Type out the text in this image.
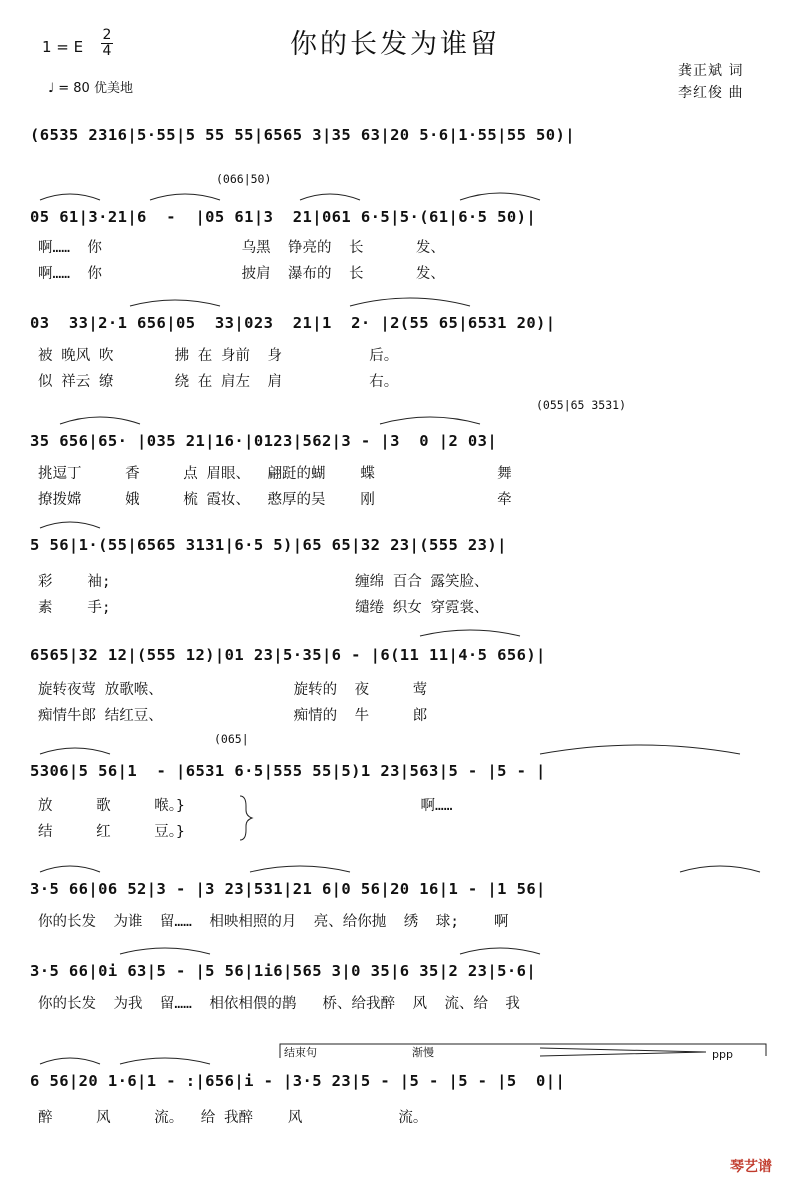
你的长发为谁留
1 = E
2
4
♩ = 80 优美地
龚正斌 词
李红俊 曲
(6535 2316|5·55|5 55 55|6565 3|35 63|20 5·6|1·55|55 50)|
(066|50)
05 61|3·21|6  -  |05 61|3  21|061 6·5|5·(61|6·5 50)|
啊……  你                乌黑  铮亮的  长      发、
啊……  你                披肩  瀑布的  长      发、
03  33|2·1 656|05  33|023  21|1  2· |2(55 65|6531 20)|
被 晚风 吹       拂 在 身前  身          后。
似 祥云 缭       绕 在 肩左  肩          右。
(055|65 3531)
35 656|65· |035 21|16·|0123|562|3 - |3  0 |2 03|
挑逗丁     香     点 眉眼、  翩跹的蝴    蝶              舞
撩拨嫦     娥     梳 霞妆、  憨厚的吴    刚              牵
5 56|1·(55|6565 3131|6·5 5)|65 65|32 23|(555 23)|
彩    袖;                            缠绵 百合 露笑脸、
素    手;                            缱绻 织女 穿霓裳、
6565|32 12|(555 12)|01 23|5·35|6 - |6(11 11|4·5 656)|
旋转夜莺 放歌喉、               旋转的  夜     莺
痴情牛郎 结红豆、               痴情的  牛     郎
(065|
5306|5 56|1  - |6531 6·5|555 55|5)1 23|563|5 - |5 - |
放     歌     喉。}                           啊……
结     红     豆。}
3·5 66|06 52|3 - |3 23|531|21 6|0 56|20 16|1 - |1 56|
你的长发  为谁  留……  相映相照的月  亮、给你抛  绣  球;    啊
3·5 66|0i 63|5 - |5 56|1i6|565 3|0 35|6 35|2 23|5·6|
你的长发  为我  留……  相依相偎的鹊   桥、给我醉  风  流、给  我
结束句	渐慢	ppp
6 56|20 1·6|1 - :|656|i - |3·5 23|5 - |5 - |5 - |5  0||
醉     风     流。  给 我醉    风           流。
琴艺谱
